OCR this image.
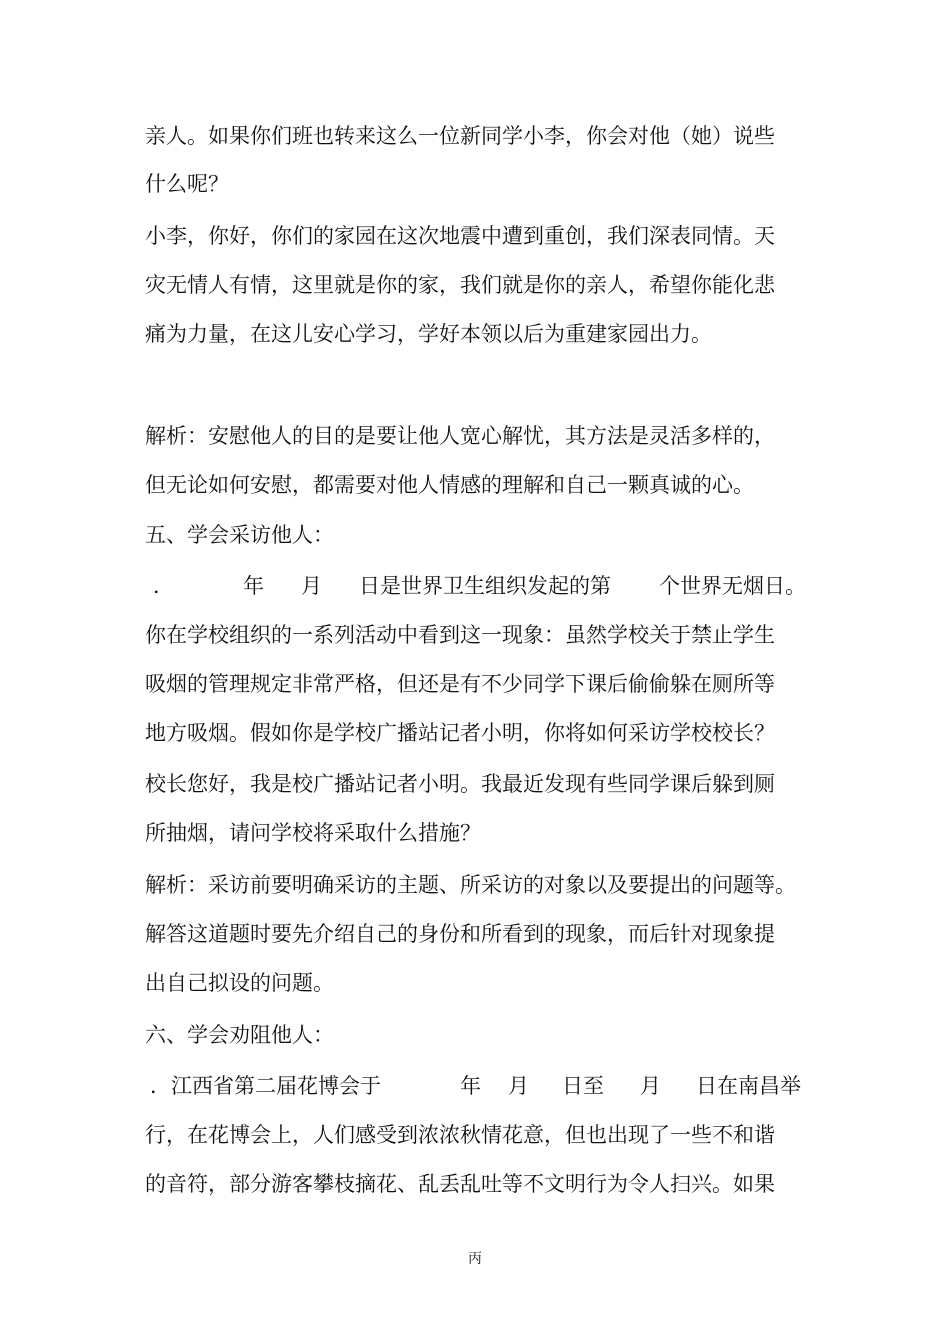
亲人。如果你们班也转来这么一位新同学小李，你会对他（她）说些
什么呢？
小李，你好，你们的家园在这次地震中遭到重创，我们深表同情。天
灾无情人有情，这里就是你的家，我们就是你的亲人，希望你能化悲
痛为力量，在这儿安心学习，学好本领以后为重建家园出力。
解析：安慰他人的目的是要让他人宽心解忧，其方法是灵活多样的，
但无论如何安慰，都需要对他人情感的理解和自己一颗真诚的心。
五、学会采访他人：
．	年 月 日是世界卫生组织发起的第 个世界无烟日。
你在学校组织的一系列活动中看到这一现象：虽然学校关于禁止学生
吸烟的管理规定非常严格，但还是有不少同学下课后偷偷躲在厕所等
地方吸烟。假如你是学校广播站记者小明，你将如何采访学校校长？
校长您好，我是校广播站记者小明。我最近发现有些同学课后躲到厕
所抽烟，请问学校将采取什么措施？
解析：采访前要明确采访的主题、所采访的对象以及要提出的问题等。
解答这道题时要先介绍自己的身份和所看到的现象，而后针对现象提
出自己拟设的问题。
六、学会劝阻他人：
．江西省第二届花博会于	年 月 日至 月 日在南昌举
行，在花博会上，人们感受到浓浓秋情花意，但也出现了一些不和谐
的音符，部分游客攀枝摘花、乱丢乱吐等不文明行为令人扫兴。如果
丙
